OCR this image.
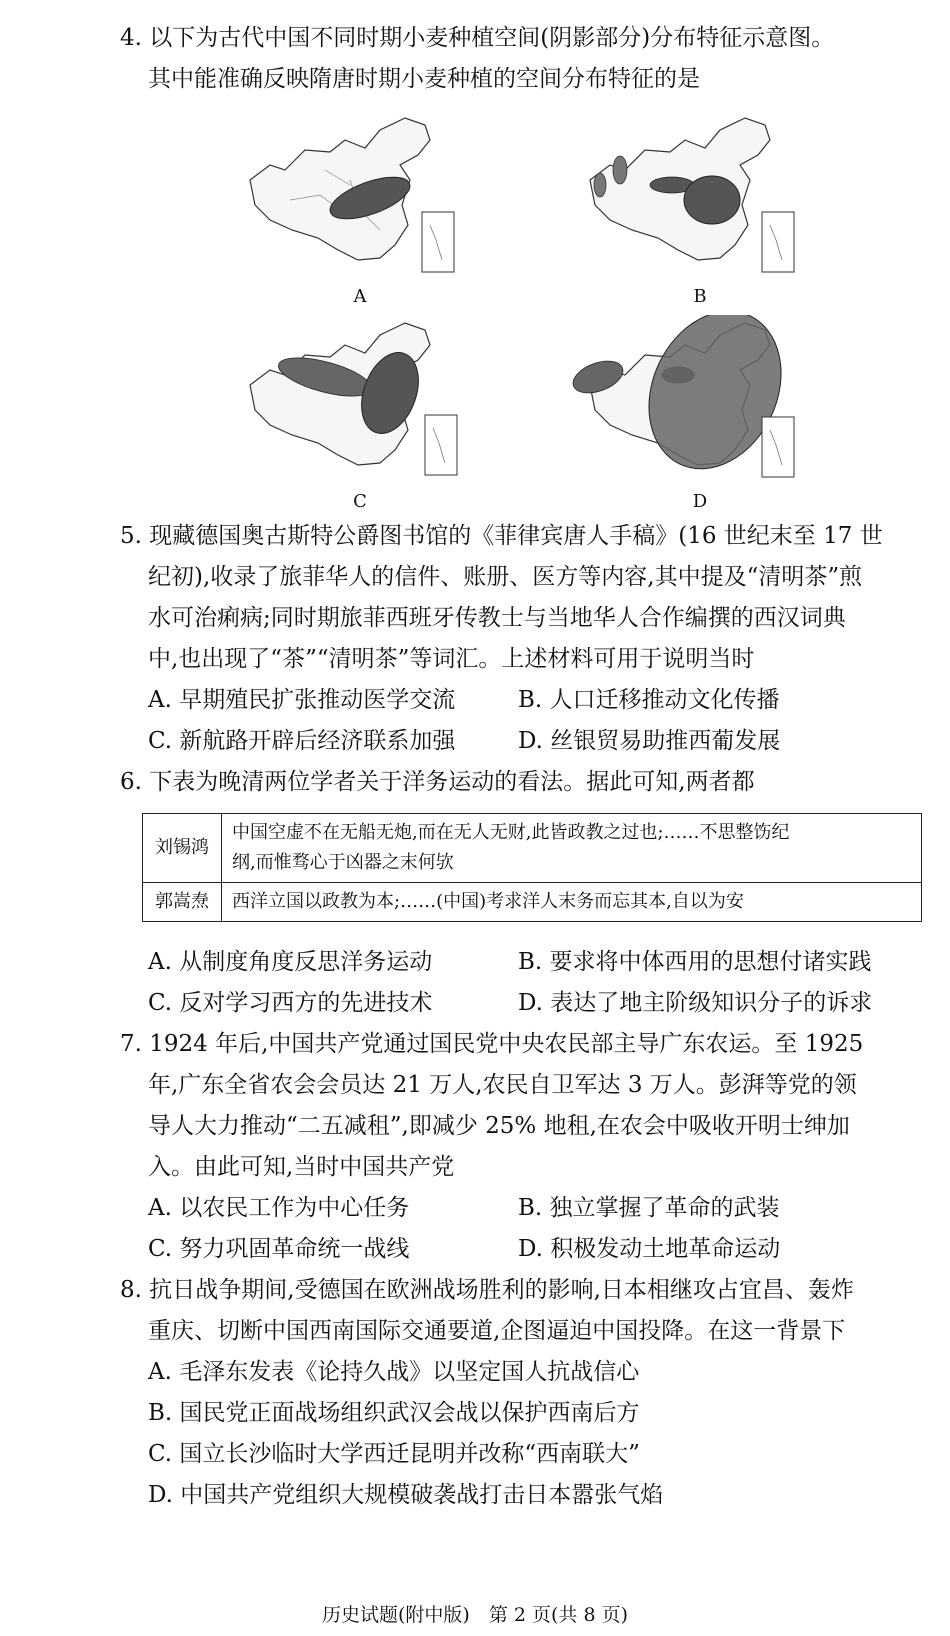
4. 以下为古代中国不同时期小麦种植空间(阴影部分)分布特征示意图。
其中能准确反映隋唐时期小麦种植的空间分布特征的是
A	B
C	D
5. 现藏德国奥古斯特公爵图书馆的《菲律宾唐人手稿》(16 世纪末至 17 世
纪初),收录了旅菲华人的信件、账册、医方等内容,其中提及“清明茶”煎
水可治痢病;同时期旅菲西班牙传教士与当地华人合作编撰的西汉词典
中,也出现了“茶”“清明茶”等词汇。上述材料可用于说明当时
A. 早期殖民扩张推动医学交流	B. 人口迁移推动文化传播
C. 新航路开辟后经济联系加强	D. 丝银贸易助推西葡发展
6. 下表为晚清两位学者关于洋务运动的看法。据此可知,两者都
刘锡鸿	中国空虚不在无船无炮,而在无人无财,此皆政教之过也;……不思整饬纪
纲,而惟骛心于凶器之末何欤

郭嵩焘	西洋立国以政教为本;……(中国)考求洋人末务而忘其本,自以为安
A. 从制度角度反思洋务运动	B. 要求将中体西用的思想付诸实践
C. 反对学习西方的先进技术	D. 表达了地主阶级知识分子的诉求
7. 1924 年后,中国共产党通过国民党中央农民部主导广东农运。至 1925
年,广东全省农会会员达 21 万人,农民自卫军达 3 万人。彭湃等党的领
导人大力推动“二五减租”,即减少 25% 地租,在农会中吸收开明士绅加
入。由此可知,当时中国共产党
A. 以农民工作为中心任务	B. 独立掌握了革命的武装
C. 努力巩固革命统一战线	D. 积极发动土地革命运动
8. 抗日战争期间,受德国在欧洲战场胜利的影响,日本相继攻占宜昌、轰炸
重庆、切断中国西南国际交通要道,企图逼迫中国投降。在这一背景下
A. 毛泽东发表《论持久战》以坚定国人抗战信心
B. 国民党正面战场组织武汉会战以保护西南后方
C. 国立长沙临时大学西迁昆明并改称“西南联大”
D. 中国共产党组织大规模破袭战打击日本嚣张气焰
历史试题(附中版)　第 2 页(共 8 页)
